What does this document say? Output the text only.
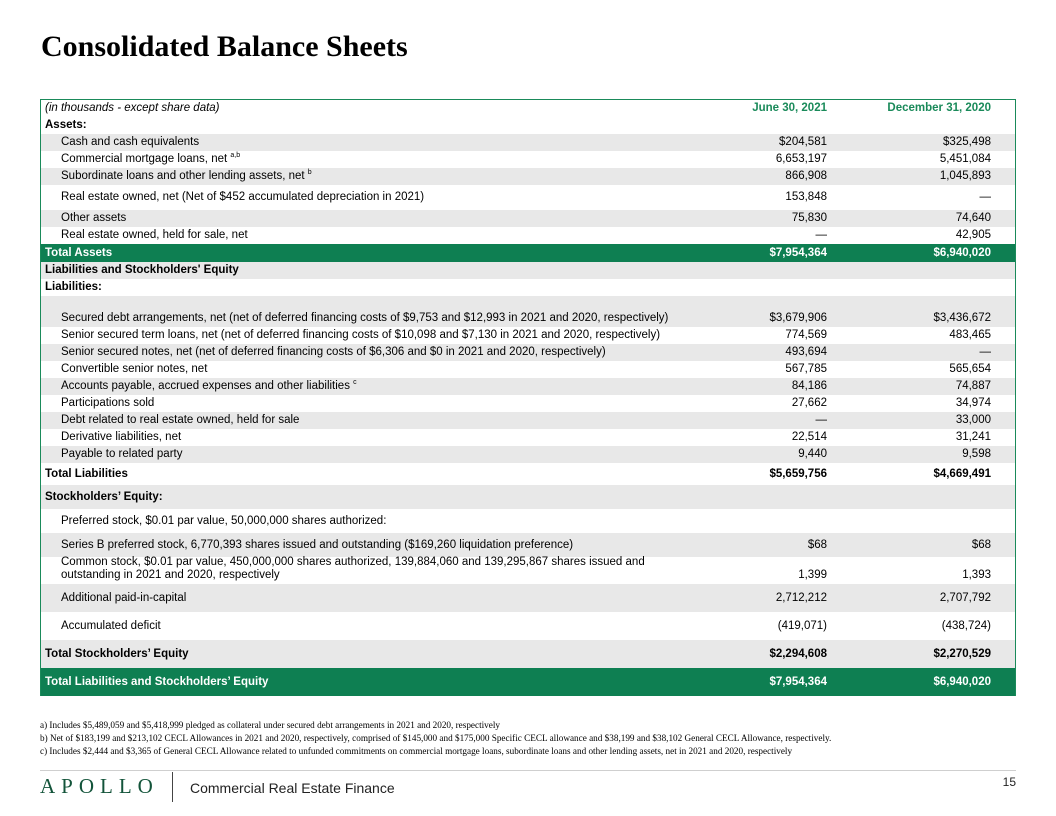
Consolidated Balance Sheets
(in thousands - except share data)	June 30, 2021	December 31, 2020
Assets:
Cash and cash equivalents	$204,581	$325,498
Commercial mortgage loans, net $^{a,b}$	6,653,197	5,451,084
Subordinate loans and other lending assets, net $^b$	866,908	1,045,893
Real estate owned, net (Net of $452 accumulated depreciation in 2021)	153,848	—
Other assets	75,830	74,640
Real estate owned, held for sale, net	—	42,905
Total Assets	$7,954,364	$6,940,020
Liabilities and Stockholders' Equity
Liabilities:
Secured debt arrangements, net (net of deferred financing costs of $9,753 and $12,993 in 2021 and 2020, respectively)	$3,679,906	$3,436,672
Senior secured term loans, net (net of deferred financing costs of $10,098 and $7,130 in 2021 and 2020, respectively)	774,569	483,465
Senior secured notes, net (net of deferred financing costs of $6,306 and $0 in 2021 and 2020, respectively)	493,694	—
Convertible senior notes, net	567,785	565,654
Accounts payable, accrued expenses and other liabilities $^c$	84,186	74,887
Participations sold	27,662	34,974
Debt related to real estate owned, held for sale	—	33,000
Derivative liabilities, net	22,514	31,241
Payable to related party	9,440	9,598
Total Liabilities	$5,659,756	$4,669,491
Stockholders’ Equity:
Preferred stock, $0.01 par value, 50,000,000 shares authorized:
Series B preferred stock, 6,770,393 shares issued and outstanding ($169,260 liquidation preference)	$68	$68
Common stock, $0.01 par value, 450,000,000 shares authorized, 139,884,060 and 139,295,867 shares issued and outstanding in 2021 and 2020, respectively	1,399	1,393
Additional paid-in-capital	2,712,212	2,707,792
Accumulated deficit	(419,071)	(438,724)
Total Stockholders’ Equity	$2,294,608	$2,270,529
Total Liabilities and Stockholders’ Equity	$7,954,364	$6,940,020
a) Includes $5,489,059 and $5,418,999 pledged as collateral under secured debt arrangements in 2021 and 2020, respectively
b) Net of $183,199 and $213,102 CECL Allowances in 2021 and 2020, respectively, comprised of $145,000 and $175,000 Specific CECL allowance and $38,199 and $38,102 General CECL Allowance, respectively.
c) Includes $2,444 and $3,365 of General CECL Allowance related to unfunded commitments on commercial mortgage loans, subordinate loans and other lending assets, net in 2021 and 2020, respectively
APOLLO Commercial Real Estate Finance	15
